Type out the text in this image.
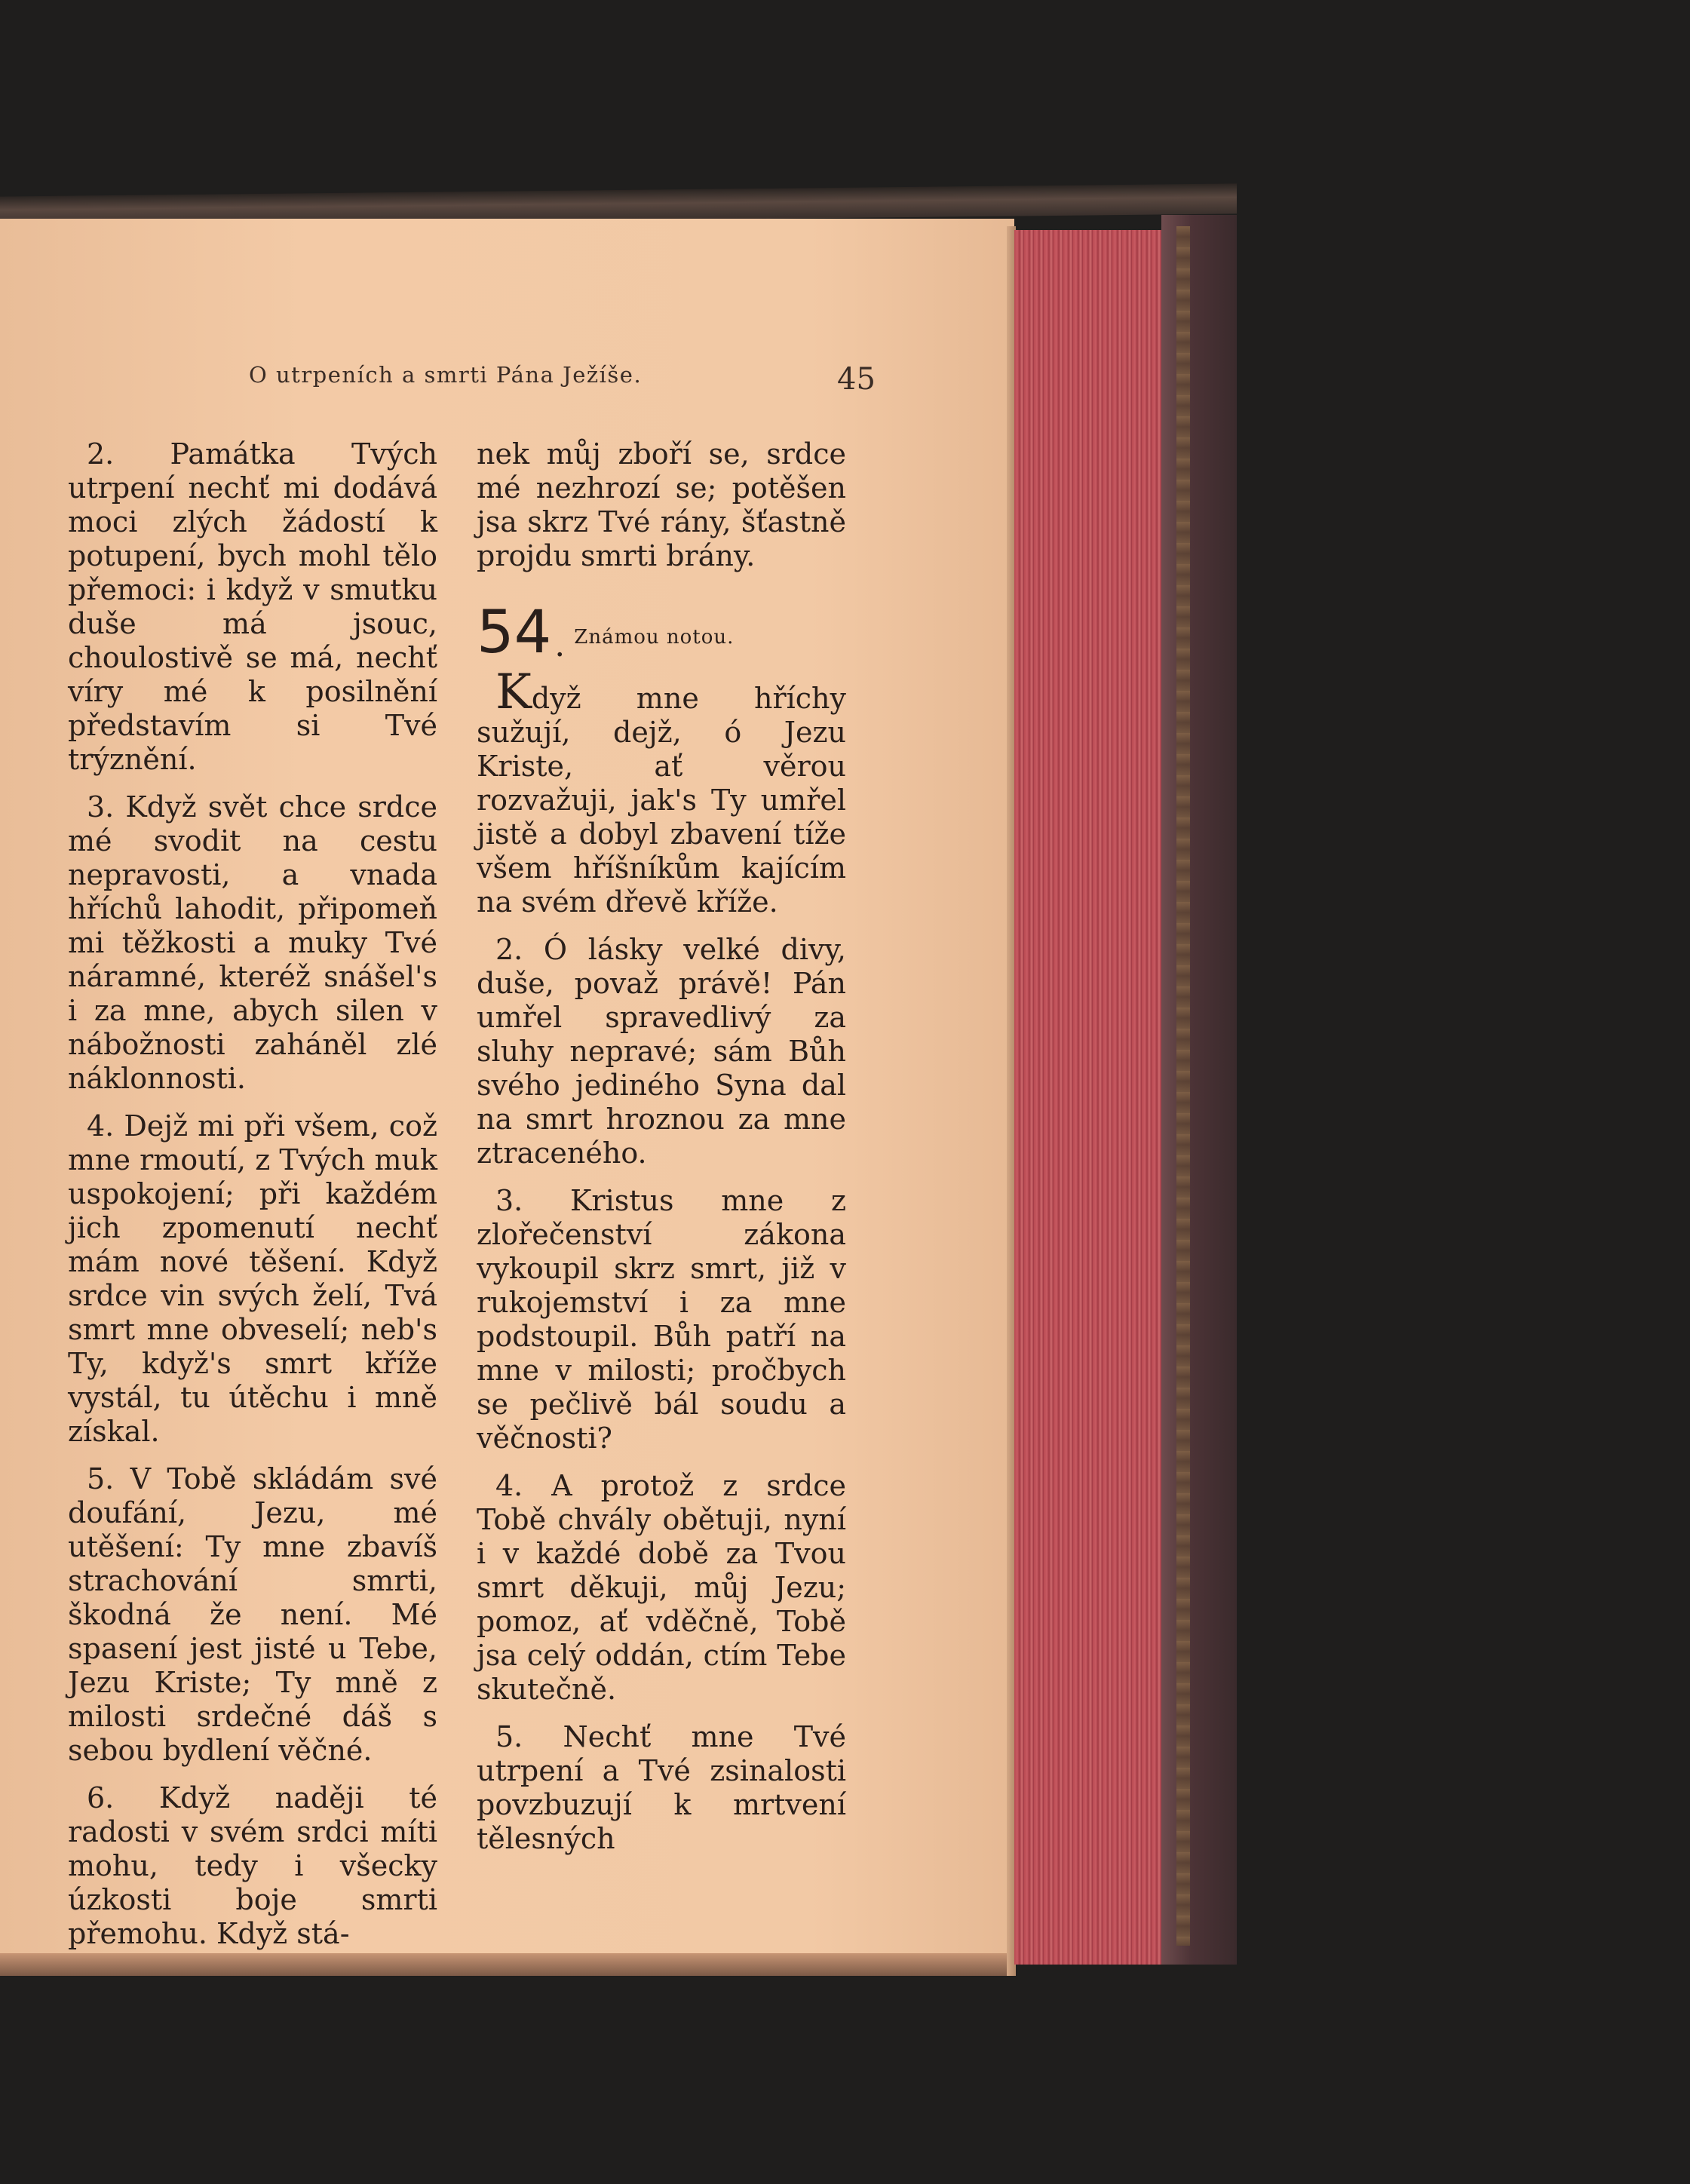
O utrpeních a smrti Pána Ježíše.	45

2. Památka Tvých utrpení nechť mi dodává moci zlých žádostí k potupení, bych mohl tělo přemoci: i když v smutku duše má jsouc, choulostivě se má, nechť víry mé k posilnění představím si Tvé trýznění.

3. Když svět chce srdce mé svodit na cestu nepravosti, a vnada hříchů lahodit, připomeň mi těžkosti a muky Tvé náramné, kteréž snášel's i za mne, abych silen v nábožnosti zaháněl zlé náklonnosti.

4. Dejž mi při všem, což mne rmoutí, z Tvých muk uspokojení; při každém jich zpomenutí nechť mám nové těšení. Když srdce vin svých želí, Tvá smrt mne obveselí; neb's Ty, když's smrt kříže vystál, tu útěchu i mně získal.

5. V Tobě skládám své doufání, Jezu, mé utěšení: Ty mne zbavíš strachování smrti, škodná že není. Mé spasení jest jisté u Tebe, Jezu Kriste; Ty mně z milosti srdečné dáš s sebou bydlení věčné.

6. Když naději té radosti v svém srdci míti mohu, tedy i všecky úzkosti boje smrti přemohu. Když stá-

nek můj zboří se, srdce mé nezhrozí se; potěšen jsa skrz Tvé rány, šťastně projdu smrti brány.

54 . Známou notou.

Když mne hříchy sužují, dejž, ó Jezu Kriste, ať věrou rozvažuji, jak's Ty umřel jistě a dobyl zbavení tíže všem hříšníkům kajícím na svém dřevě kříže.

2. Ó lásky velké divy, duše, považ právě! Pán umřel spravedlivý za sluhy nepravé; sám Bůh svého jediného Syna dal na smrt hroznou za mne ztraceného.

3. Kristus mne z zlořečenství zákona vykoupil skrz smrt, již v rukojemství i za mne podstoupil. Bůh patří na mne v milosti; pročbych se pečlivě bál soudu a věčnosti?

4. A protož z srdce Tobě chvály obětuji, nyní i v každé době za Tvou smrt děkuji, můj Jezu; pomoz, ať vděčně, Tobě jsa celý oddán, ctím Tebe skutečně.

5. Nechť mne Tvé utrpení a Tvé zsinalosti povzbuzují k mrtvení tělesných
